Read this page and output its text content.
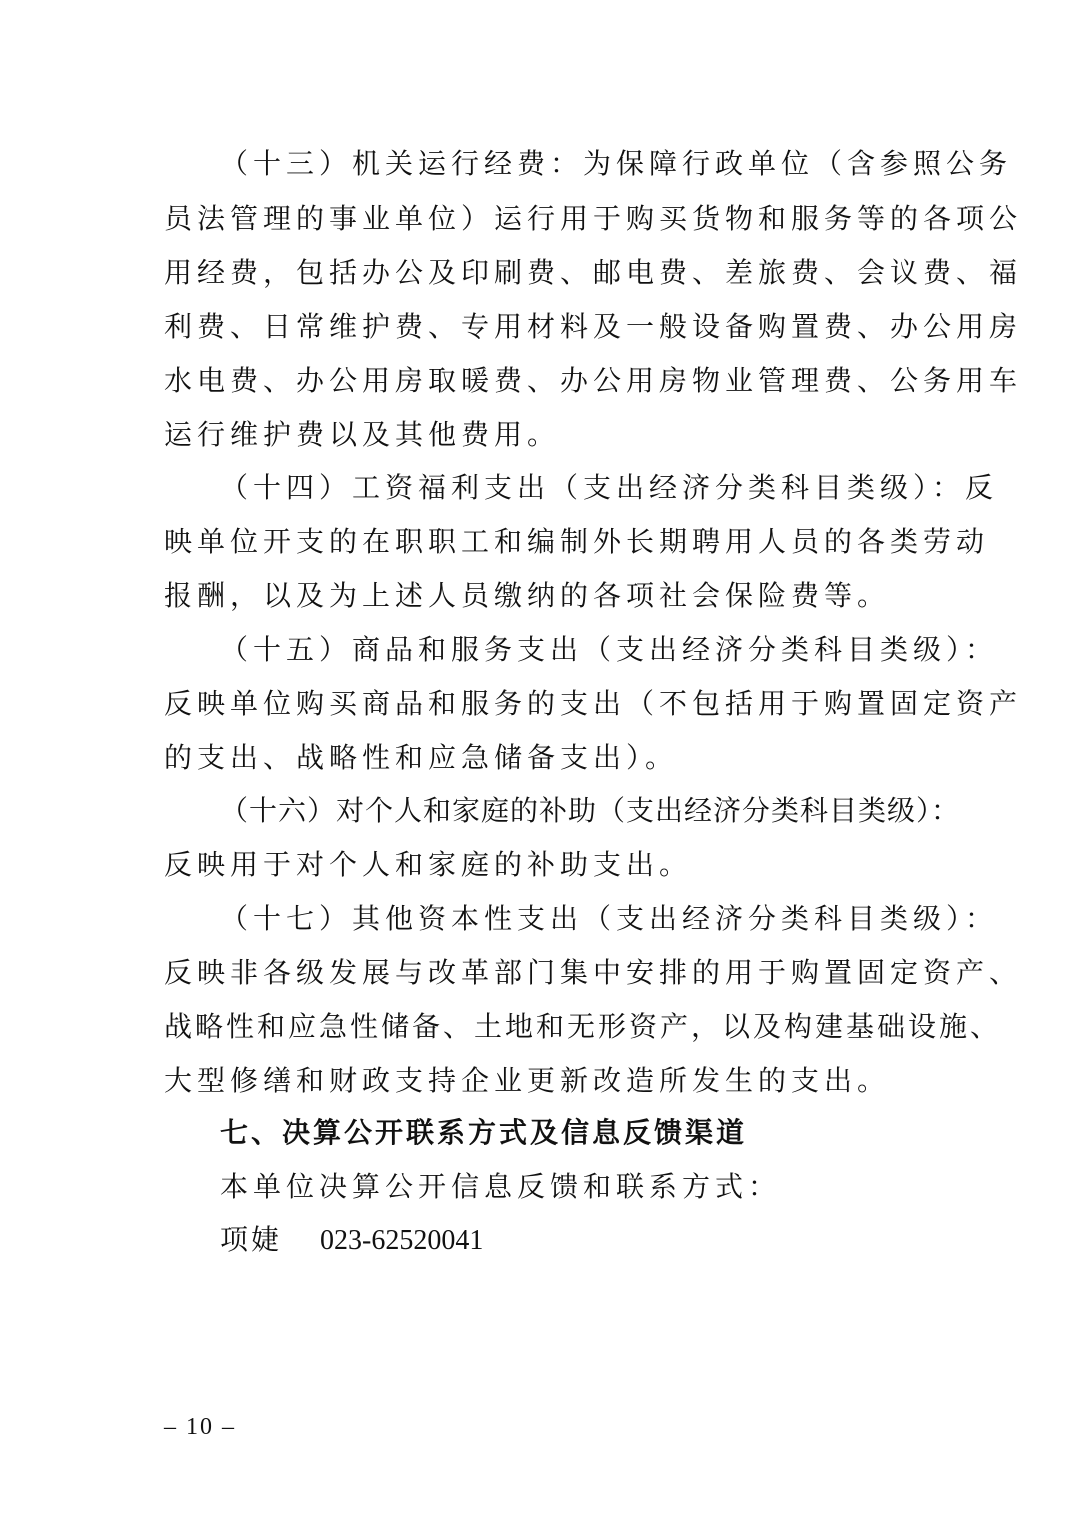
（十三）机关运行经费：为保障行政单位（含参照公务
员法管理的事业单位）运行用于购买货物和服务等的各项公
用经费，包括办公及印刷费、邮电费、差旅费、会议费、福
利费、日常维护费、专用材料及一般设备购置费、办公用房
水电费、办公用房取暖费、办公用房物业管理费、公务用车
运行维护费以及其他费用。
（十四）工资福利支出（支出经济分类科目类级）：反
映单位开支的在职职工和编制外长期聘用人员的各类劳动
报酬，以及为上述人员缴纳的各项社会保险费等。
（十五）商品和服务支出（支出经济分类科目类级）：
反映单位购买商品和服务的支出（不包括用于购置固定资产
的支出、战略性和应急储备支出）。
（十六）对个人和家庭的补助（支出经济分类科目类级）：
反映用于对个人和家庭的补助支出。
（十七）其他资本性支出（支出经济分类科目类级）：
反映非各级发展与改革部门集中安排的用于购置固定资产、
战略性和应急性储备、土地和无形资产，以及构建基础设施、
大型修缮和财政支持企业更新改造所发生的支出。
七、决算公开联系方式及信息反馈渠道
本单位决算公开信息反馈和联系方式：
项婕 023-62520041
– 10 –
